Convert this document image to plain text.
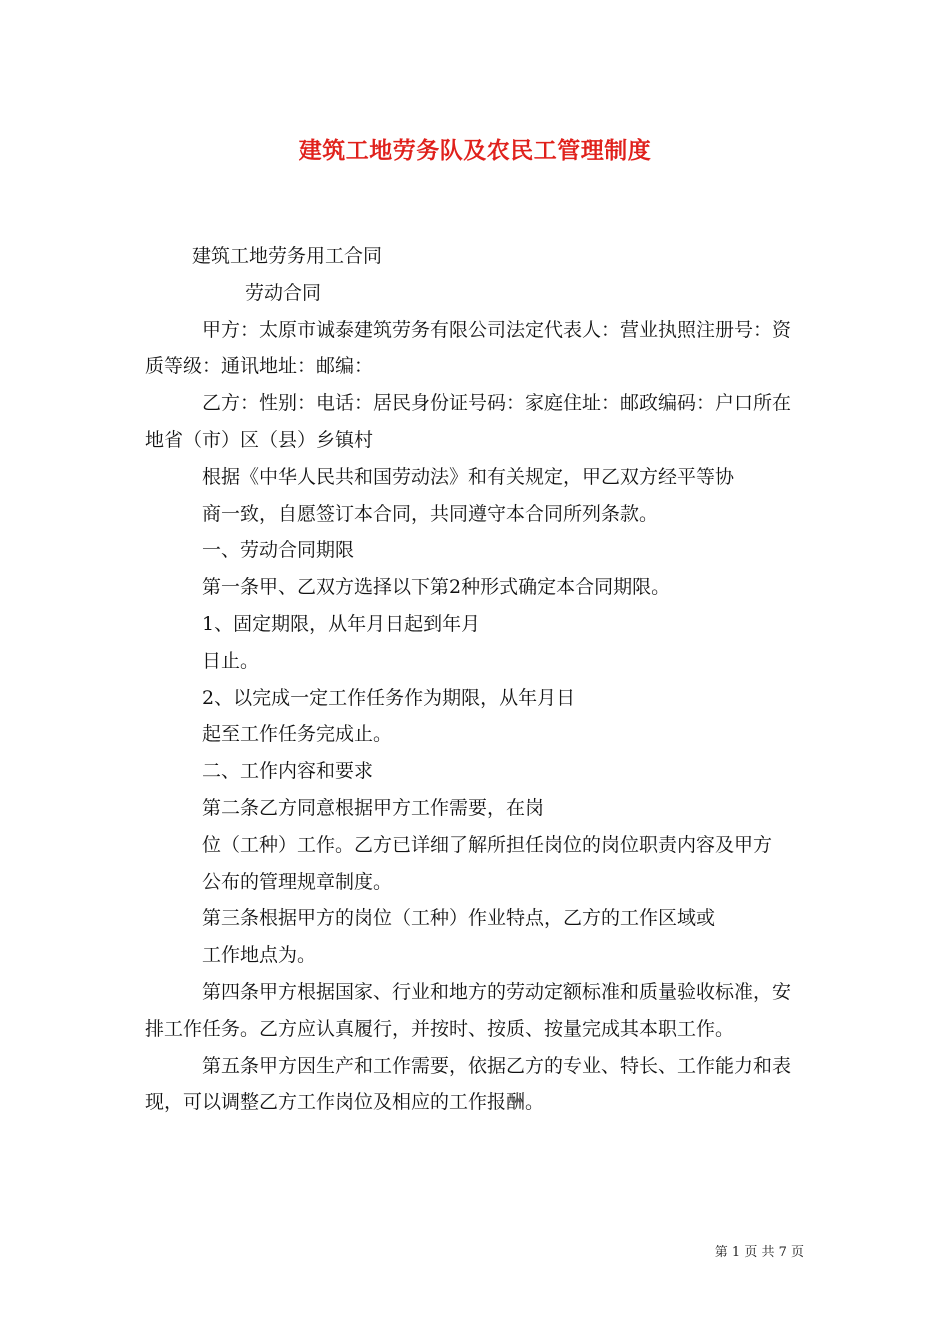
建筑工地劳务队及农民工管理制度

建筑工地劳务用工合同

劳动合同

甲方：太原市诚泰建筑劳务有限公司法定代表人：营业执照注册号：资质等级：通讯地址：邮编：

乙方：性别：电话：居民身份证号码：家庭住址：邮政编码：户口所在地省（市）区（县）乡镇村

根据《中华人民共和国劳动法》和有关规定，甲乙双方经平等协

商一致，自愿签订本合同，共同遵守本合同所列条款。

一、劳动合同期限

第一条甲、乙双方选择以下第2种形式确定本合同期限。

1、固定期限，从年月日起到年月

日止。

2、以完成一定工作任务作为期限，从年月日

起至工作任务完成止。

二、工作内容和要求

第二条乙方同意根据甲方工作需要，在岗

位（工种）工作。乙方已详细了解所担任岗位的岗位职责内容及甲方

公布的管理规章制度。

第三条根据甲方的岗位（工种）作业特点，乙方的工作区域或

工作地点为。

第四条甲方根据国家、行业和地方的劳动定额标准和质量验收标准，安排工作任务。乙方应认真履行，并按时、按质、按量完成其本职工作。

第五条甲方因生产和工作需要，依据乙方的专业、特长、工作能力和表现，可以调整乙方工作岗位及相应的工作报酬。

第 1 页 共 7 页
